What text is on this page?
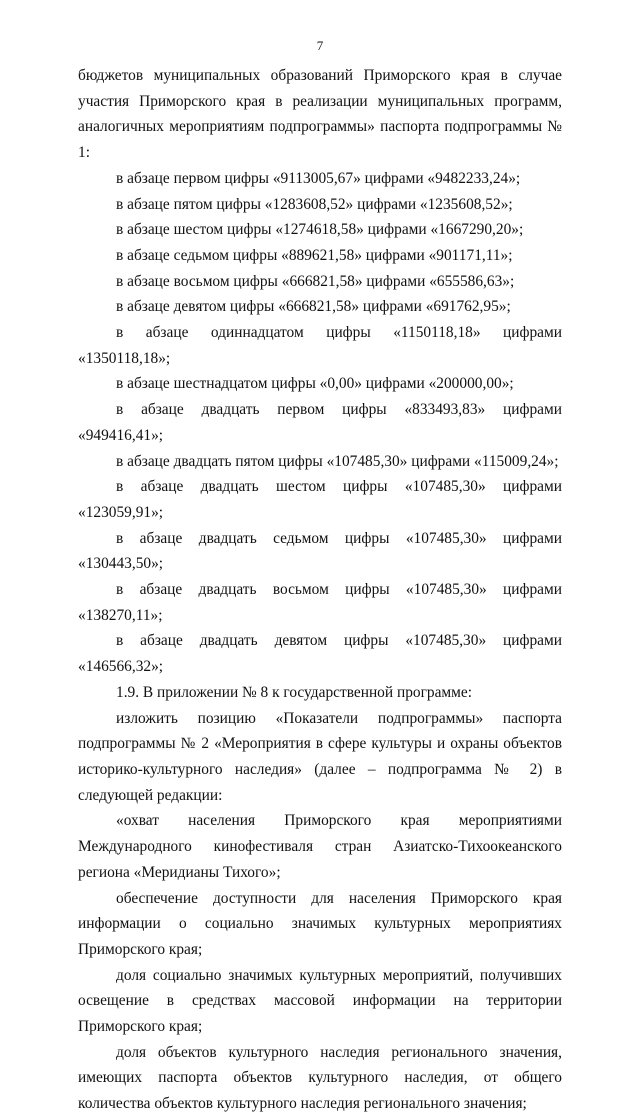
7

бюджетов муниципальных образований Приморского края в случае участия Приморского края в реализации муниципальных программ, аналогичных мероприятиям подпрограммы» паспорта подпрограммы № 1:

в абзаце первом цифры «9113005,67» цифрами «9482233,24»;

в абзаце пятом цифры «1283608,52» цифрами «1235608,52»;

в абзаце шестом цифры «1274618,58» цифрами «1667290,20»;

в абзаце седьмом цифры «889621,58» цифрами «901171,11»;

в абзаце восьмом цифры «666821,58» цифрами «655586,63»;

в абзаце девятом цифры «666821,58» цифрами «691762,95»;

в абзаце одиннадцатом цифры «1150118,18» цифрами «1350118,18»;

в абзаце шестнадцатом цифры «0,00» цифрами «200000,00»;

в абзаце двадцать первом цифры «833493,83» цифрами «949416,41»;

в абзаце двадцать пятом цифры «107485,30» цифрами «115009,24»;

в абзаце двадцать шестом цифры «107485,30» цифрами «123059,91»;

в абзаце двадцать седьмом цифры «107485,30» цифрами «130443,50»;

в абзаце двадцать восьмом цифры «107485,30» цифрами «138270,11»;

в абзаце двадцать девятом цифры «107485,30» цифрами «146566,32»;

1.9. В приложении № 8 к государственной программе:

изложить позицию «Показатели подпрограммы» паспорта подпрограммы № 2 «Мероприятия в сфере культуры и охраны объектов историко-культурного наследия» (далее – подпрограмма № 2) в следующей редакции:

«охват населения Приморского края мероприятиями Международного кинофестиваля стран Азиатско-Тихоокеанского региона «Меридианы Тихого»;

обеспечение доступности для населения Приморского края информации о социально значимых культурных мероприятиях Приморского края;

доля социально значимых культурных мероприятий, получивших освещение в средствах массовой информации на территории Приморского края;

доля объектов культурного наследия регионального значения, имеющих паспорта объектов культурного наследия, от общего количества объектов культурного наследия регионального значения;
